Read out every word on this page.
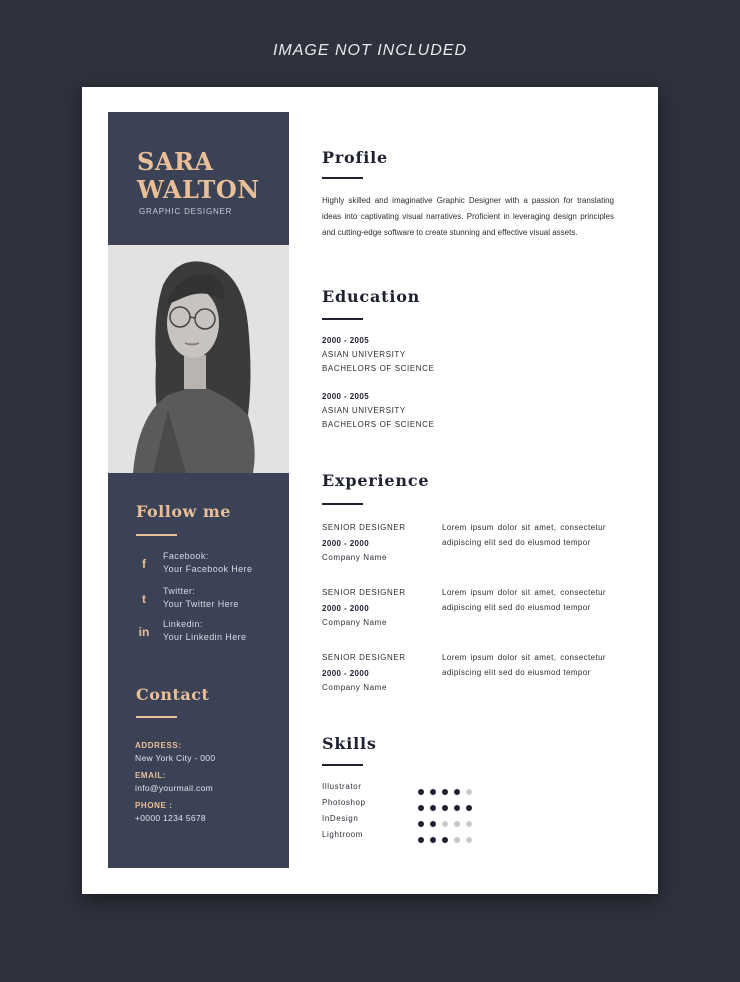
IMAGE NOT INCLUDED
SARA
WALTON
GRAPHIC DESIGNER
Follow me
f
Facebook:
Your Facebook Here
t
Twitter:
Your Twitter Here
in
Linkedin:
Your Linkedin Here
Contact
ADDRESS:
New York City - 000
EMAIL:
info@yourmail.com
PHONE :
+0000 1234 5678
Profile
Highly skilled and imaginative Graphic Designer with a passion for translating ideas into captivating visual narratives. Proficient in leveraging design principles and cutting-edge software to create stunning and effective visual assets.
Education
2000 - 2005
ASIAN UNIVERSITY
BACHELORS OF SCIENCE
2000 - 2005
ASIAN UNIVERSITY
BACHELORS OF SCIENCE
Experience
SENIOR DESIGNER
2000 - 2000
Company Name
Lorem ipsum dolor sit amet, consectetur adipiscing elit sed do eiusmod tempor
SENIOR DESIGNER
2000 - 2000
Company Name
Lorem ipsum dolor sit amet, consectetur adipiscing elit sed do eiusmod tempor
SENIOR DESIGNER
2000 - 2000
Company Name
Lorem ipsum dolor sit amet, consectetur adipiscing elit sed do eiusmod tempor
Skills
Illustrator
Photoshop
InDesign
Lightroom
